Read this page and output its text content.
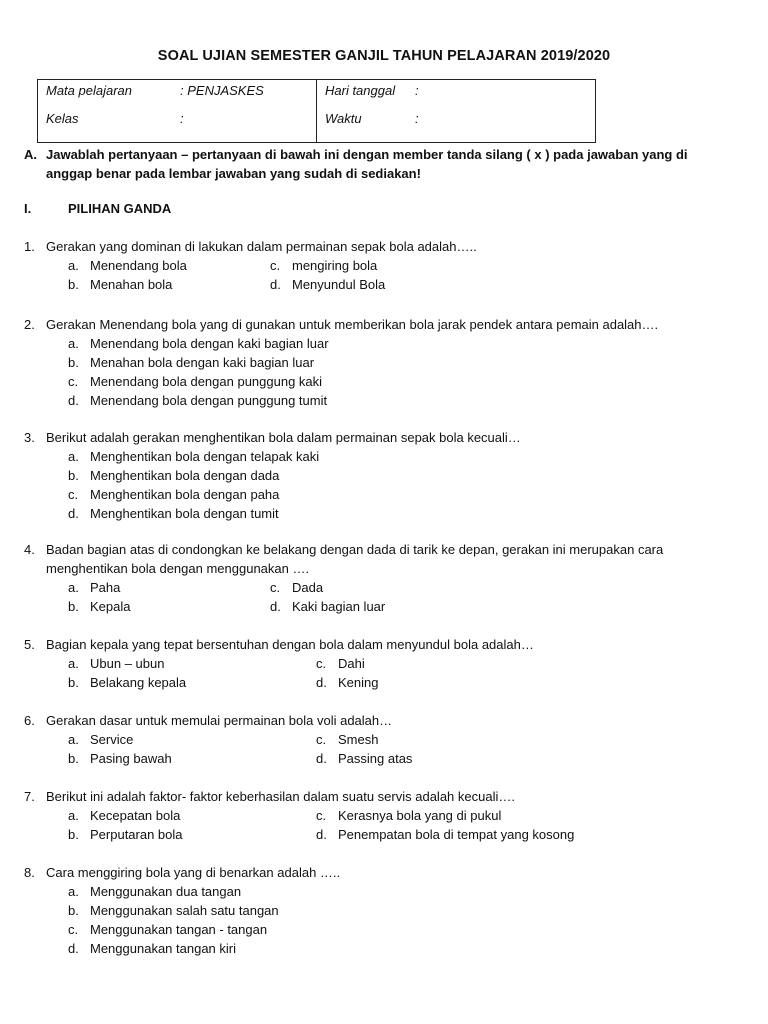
SOAL UJIAN SEMESTER GANJIL TAHUN PELAJARAN 2019/2020
Mata pelajaran	: PENJASKES
Kelas	:

Hari tanggal	:
Waktu	:
A. Jawablah pertanyaan – pertanyaan di bawah ini dengan member tanda silang ( x ) pada jawaban yang di
anggap benar pada lembar jawaban yang sudah di sediakan!
I.	PILIHAN GANDA
1. Gerakan yang dominan di lakukan dalam permainan sepak bola adalah…..
a. Menendang bola	c. mengiring bola
b. Menahan bola	d. Menyundul Bola
2. Gerakan Menendang bola yang di gunakan untuk memberikan bola jarak pendek antara pemain adalah….
a. Menendang bola dengan kaki bagian luar
b. Menahan bola dengan kaki bagian luar
c. Menendang bola dengan punggung kaki
d. Menendang bola dengan punggung tumit
3. Berikut adalah gerakan menghentikan bola dalam permainan sepak bola kecuali…
a. Menghentikan bola dengan telapak kaki
b. Menghentikan bola dengan dada
c. Menghentikan bola dengan paha
d. Menghentikan bola dengan tumit
4. Badan bagian atas di condongkan ke belakang dengan dada di tarik ke depan, gerakan ini merupakan cara
menghentikan bola dengan menggunakan ….
a. Paha	c. Dada
b. Kepala	d. Kaki bagian luar
5. Bagian kepala yang tepat bersentuhan dengan bola dalam menyundul bola adalah…
a. Ubun – ubun	c. Dahi
b. Belakang kepala	d. Kening
6. Gerakan dasar untuk memulai permainan bola voli adalah…
a. Service	c. Smesh
b. Pasing bawah	d. Passing atas
7. Berikut ini adalah faktor- faktor keberhasilan dalam suatu servis adalah kecuali….
a. Kecepatan bola	c. Kerasnya bola yang di pukul
b. Perputaran bola	d. Penempatan bola di tempat yang kosong
8. Cara menggiring bola yang di benarkan adalah …..
a. Menggunakan dua tangan
b. Menggunakan salah satu tangan
c. Menggunakan tangan - tangan
d. Menggunakan tangan kiri
